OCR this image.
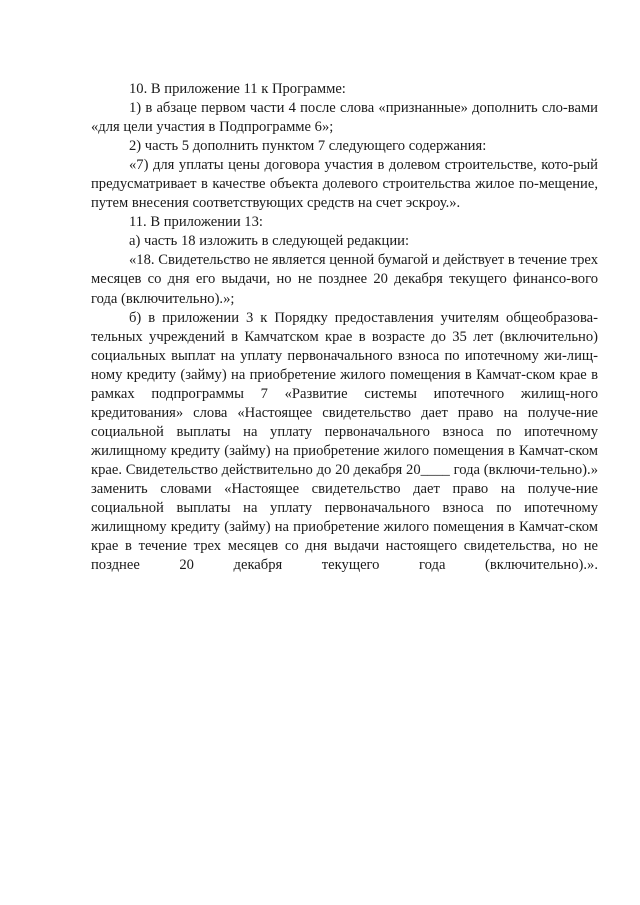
10. В приложение 11 к Программе:

1) в абзаце первом части 4 после слова «признанные» дополнить сло-вами «для цели участия в Подпрограмме 6»;

2) часть 5 дополнить пунктом 7 следующего содержания:

«7) для уплаты цены договора участия в долевом строительстве, кото-рый предусматривает в качестве объекта долевого строительства жилое по-мещение, путем внесения соответствующих средств на счет эскроу.».

11. В приложении 13:

а) часть 18 изложить в следующей редакции:

«18. Свидетельство не является ценной бумагой и действует в течение трех месяцев со дня его выдачи, но не позднее 20 декабря текущего финансо-вого года (включительно).»;

б) в приложении 3 к Порядку предоставления учителям общеобразова-тельных учреждений в Камчатском крае в возрасте до 35 лет (включительно) социальных выплат на уплату первоначального взноса по ипотечному жи-лищ-ному кредиту (займу) на приобретение жилого помещения в Камчат-ском крае в рамках подпрограммы 7 «Развитие системы ипотечного жилищ-ного кредитования» слова «Настоящее свидетельство дает право на получе-ние социальной выплаты на уплату первоначального взноса по ипотечному жилищному кредиту (займу) на приобретение жилого помещения в Камчат-ском крае. Свидетельство действительно до 20 декабря 20____ года (включи-тельно).» заменить словами «Настоящее свидетельство дает право на получе-ние социальной выплаты на уплату первоначального взноса по ипотечному жилищному кредиту (займу) на приобретение жилого помещения в Камчат-ском крае в течение трех месяцев со дня выдачи настоящего свидетельства, но не позднее 20 декабря текущего года (включительно).».
